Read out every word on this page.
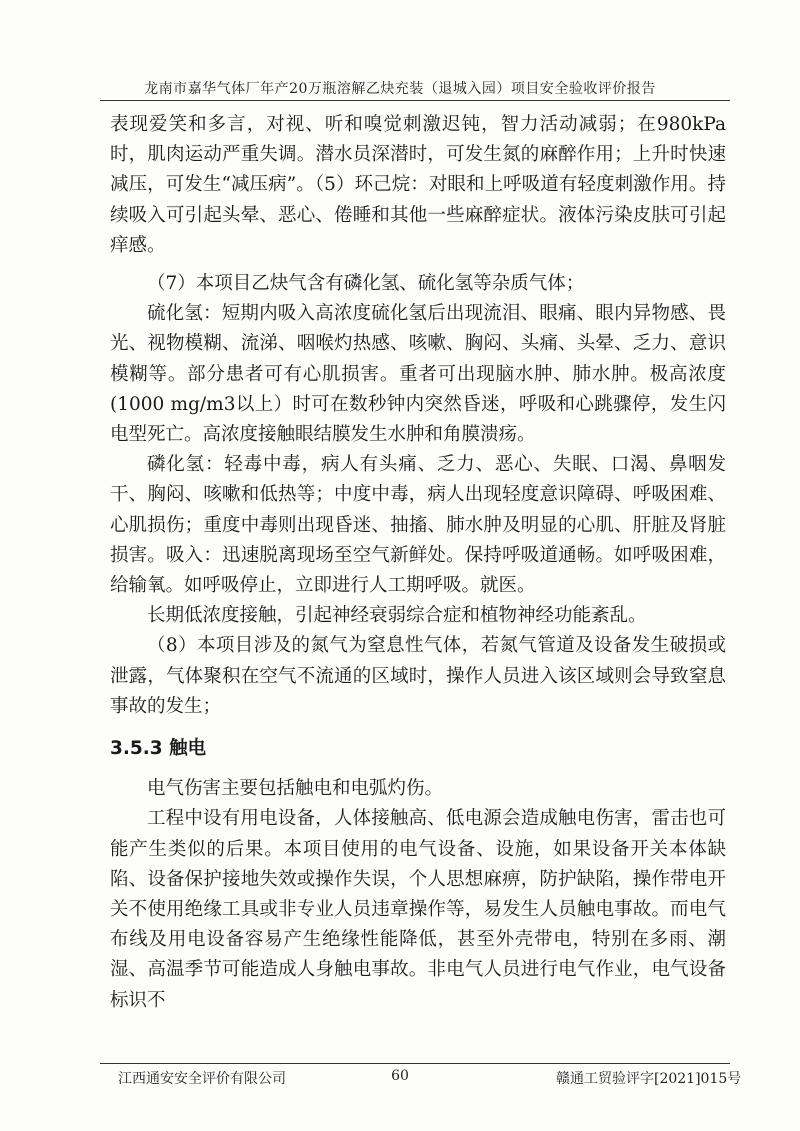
龙南市嘉华气体厂年产20万瓶溶解乙炔充装（退城入园）项目安全验收评价报告

表现爱笑和多言，对视、听和嗅觉刺激迟钝，智力活动减弱；在980kPa时，肌肉运动严重失调。潜水员深潜时，可发生氮的麻醉作用；上升时快速减压，可发生“减压病”。（5）环己烷：对眼和上呼吸道有轻度刺激作用。持续吸入可引起头晕、恶心、倦睡和其他一些麻醉症状。液体污染皮肤可引起痒感。

（7）本项目乙炔气含有磷化氢、硫化氢等杂质气体；

硫化氢：短期内吸入高浓度硫化氢后出现流泪、眼痛、眼内异物感、畏光、视物模糊、流涕、咽喉灼热感、咳嗽、胸闷、头痛、头晕、乏力、意识模糊等。部分患者可有心肌损害。重者可出现脑水肿、肺水肿。极高浓度(1000 mg/m3以上）时可在数秒钟内突然昏迷，呼吸和心跳骤停，发生闪电型死亡。高浓度接触眼结膜发生水肿和角膜溃疡。

磷化氢：轻毒中毒，病人有头痛、乏力、恶心、失眠、口渴、鼻咽发干、胸闷、咳嗽和低热等；中度中毒，病人出现轻度意识障碍、呼吸困难、心肌损伤；重度中毒则出现昏迷、抽搐、肺水肿及明显的心肌、肝脏及肾脏损害。吸入：迅速脱离现场至空气新鲜处。保持呼吸道通畅。如呼吸困难，给输氧。如呼吸停止，立即进行人工期呼吸。就医。

长期低浓度接触，引起神经衰弱综合症和植物神经功能紊乱。

（8）本项目涉及的氮气为窒息性气体，若氮气管道及设备发生破损或泄露，气体聚积在空气不流通的区域时，操作人员进入该区域则会导致窒息事故的发生；

3.5.3 触电

电气伤害主要包括触电和电弧灼伤。

工程中设有用电设备，人体接触高、低电源会造成触电伤害，雷击也可能产生类似的后果。本项目使用的电气设备、设施，如果设备开关本体缺陷、设备保护接地失效或操作失误，个人思想麻痹，防护缺陷，操作带电开关不使用绝缘工具或非专业人员违章操作等，易发生人员触电事故。而电气布线及用电设备容易产生绝缘性能降低，甚至外壳带电，特别在多雨、潮湿、高温季节可能造成人身触电事故。非电气人员进行电气作业，电气设备标识不

江西通安安全评价有限公司	60	赣通工贸验评字[2021]015号
